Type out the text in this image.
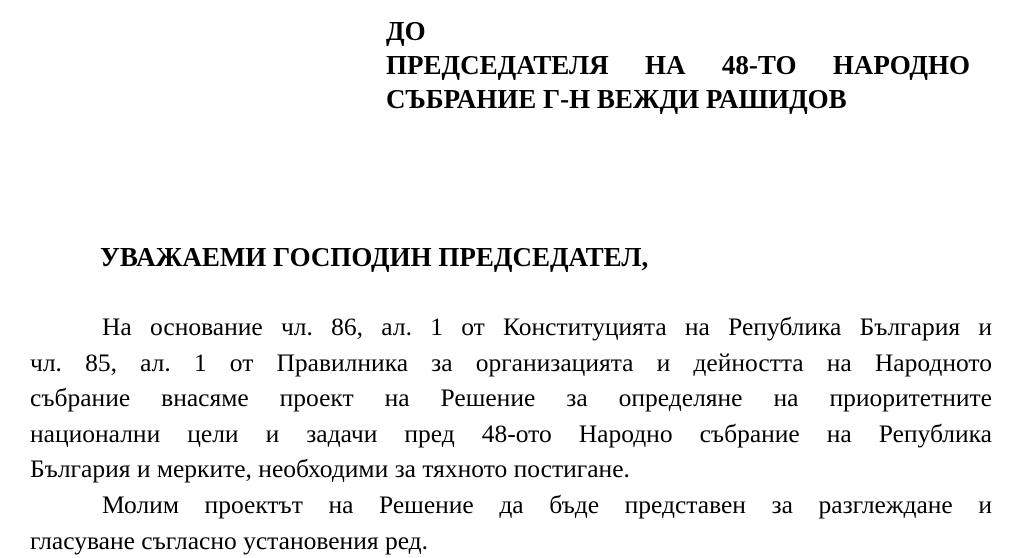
ДО
ПРЕДСЕДАТЕЛЯ НА 48-ТО НАРОДНО
СЪБРАНИЕ Г-Н ВЕЖДИ РАШИДОВ
УВАЖАЕМИ ГОСПОДИН ПРЕДСЕДАТЕЛ,
На основание чл. 86, ал. 1 от Конституцията на Република България и
чл. 85, ал. 1 от Правилника за организацията и дейността на Народното
събрание внасяме проект на Решение за определяне на приоритетните
национални цели и задачи пред 48-ото Народно събрание на Република
България и мерките, необходими за тяхното постигане.
Молим проектът на Решение да бъде представен за разглеждане и
гласуване съгласно установения ред.
